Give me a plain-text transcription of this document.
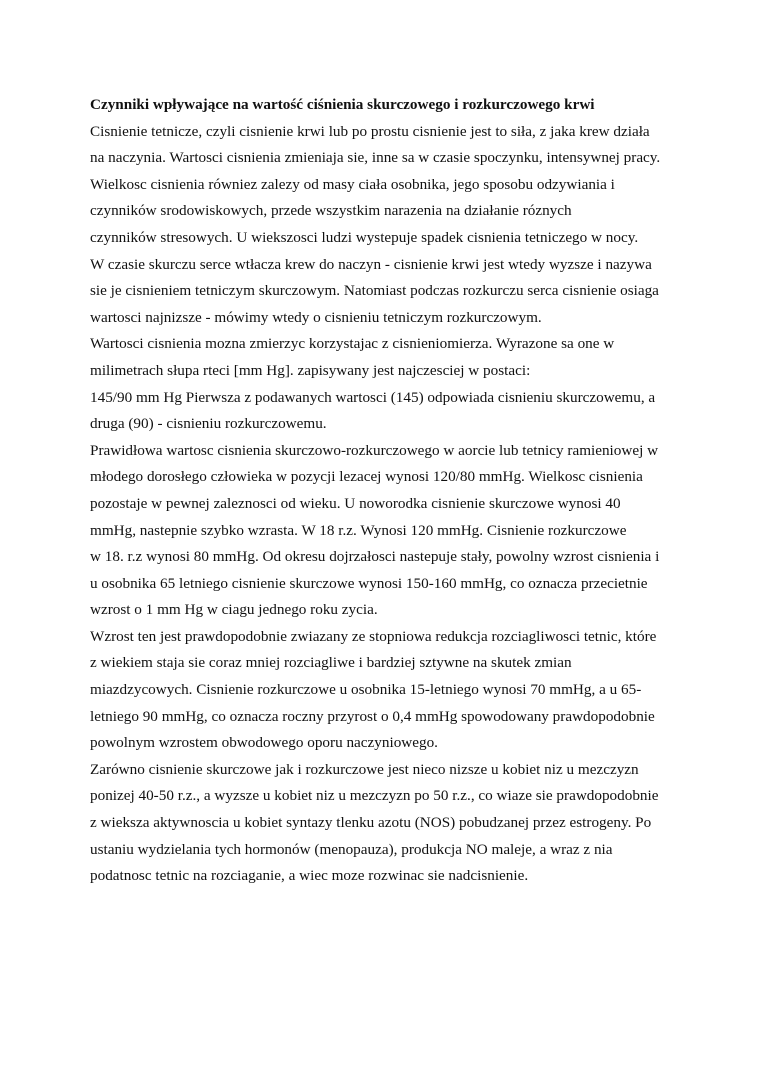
Czynniki wpływające na wartość ciśnienia skurczowego i rozkurczowego krwi
Cisnienie tetnicze, czyli cisnienie krwi lub po prostu cisnienie jest to siła, z jaka krew działa
na naczynia. Wartosci cisnienia zmieniaja sie, inne sa w czasie spoczynku, intensywnej pracy.
Wielkosc cisnienia równiez zalezy od masy ciała osobnika, jego sposobu odzywiania i
czynników srodowiskowych, przede wszystkim narazenia na działanie róznych
czynników stresowych. U wiekszosci ludzi wystepuje spadek cisnienia tetniczego w nocy.
W czasie skurczu serce wtłacza krew do naczyn - cisnienie krwi jest wtedy wyzsze i nazywa
sie je cisnieniem tetniczym skurczowym. Natomiast podczas rozkurczu serca cisnienie osiaga
wartosci najnizsze - mówimy wtedy o cisnieniu tetniczym rozkurczowym.
Wartosci cisnienia mozna zmierzyc korzystajac z cisnieniomierza. Wyrazone sa one w
milimetrach słupa rteci [mm Hg]. zapisywany jest najczesciej w postaci:
145/90 mm Hg Pierwsza z podawanych wartosci (145) odpowiada cisnieniu skurczowemu, a
druga (90) - cisnieniu rozkurczowemu.
Prawidłowa wartosc cisnienia skurczowo-rozkurczowego w aorcie lub tetnicy ramieniowej w
młodego dorosłego człowieka w pozycji lezacej wynosi 120/80 mmHg. Wielkosc cisnienia
pozostaje w pewnej zaleznosci od wieku. U noworodka cisnienie skurczowe wynosi 40
mmHg, nastepnie szybko wzrasta. W 18 r.z. Wynosi 120 mmHg. Cisnienie rozkurczowe
w 18. r.z wynosi 80 mmHg. Od okresu dojrzałosci nastepuje stały, powolny wzrost cisnienia i
u osobnika 65 letniego cisnienie skurczowe wynosi 150-160 mmHg, co oznacza przecietnie
wzrost o 1 mm Hg w ciagu jednego roku zycia.
Wzrost ten jest prawdopodobnie zwiazany ze stopniowa redukcja rozciagliwosci tetnic, które
z wiekiem staja sie coraz mniej rozciagliwe i bardziej sztywne na skutek zmian
miazdzycowych. Cisnienie rozkurczowe u osobnika 15-letniego wynosi 70 mmHg, a u 65-
letniego 90 mmHg, co oznacza roczny przyrost o 0,4 mmHg spowodowany prawdopodobnie
powolnym wzrostem obwodowego oporu naczyniowego.
Zarówno cisnienie skurczowe jak i rozkurczowe jest nieco nizsze u kobiet niz u mezczyzn
ponizej 40-50 r.z., a wyzsze u kobiet niz u mezczyzn po 50 r.z., co wiaze sie prawdopodobnie
z wieksza aktywnoscia u kobiet syntazy tlenku azotu (NOS) pobudzanej przez estrogeny. Po
ustaniu wydzielania tych hormonów (menopauza), produkcja NO maleje, a wraz z nia
podatnosc tetnic na rozciaganie, a wiec moze rozwinac sie nadcisnienie.
